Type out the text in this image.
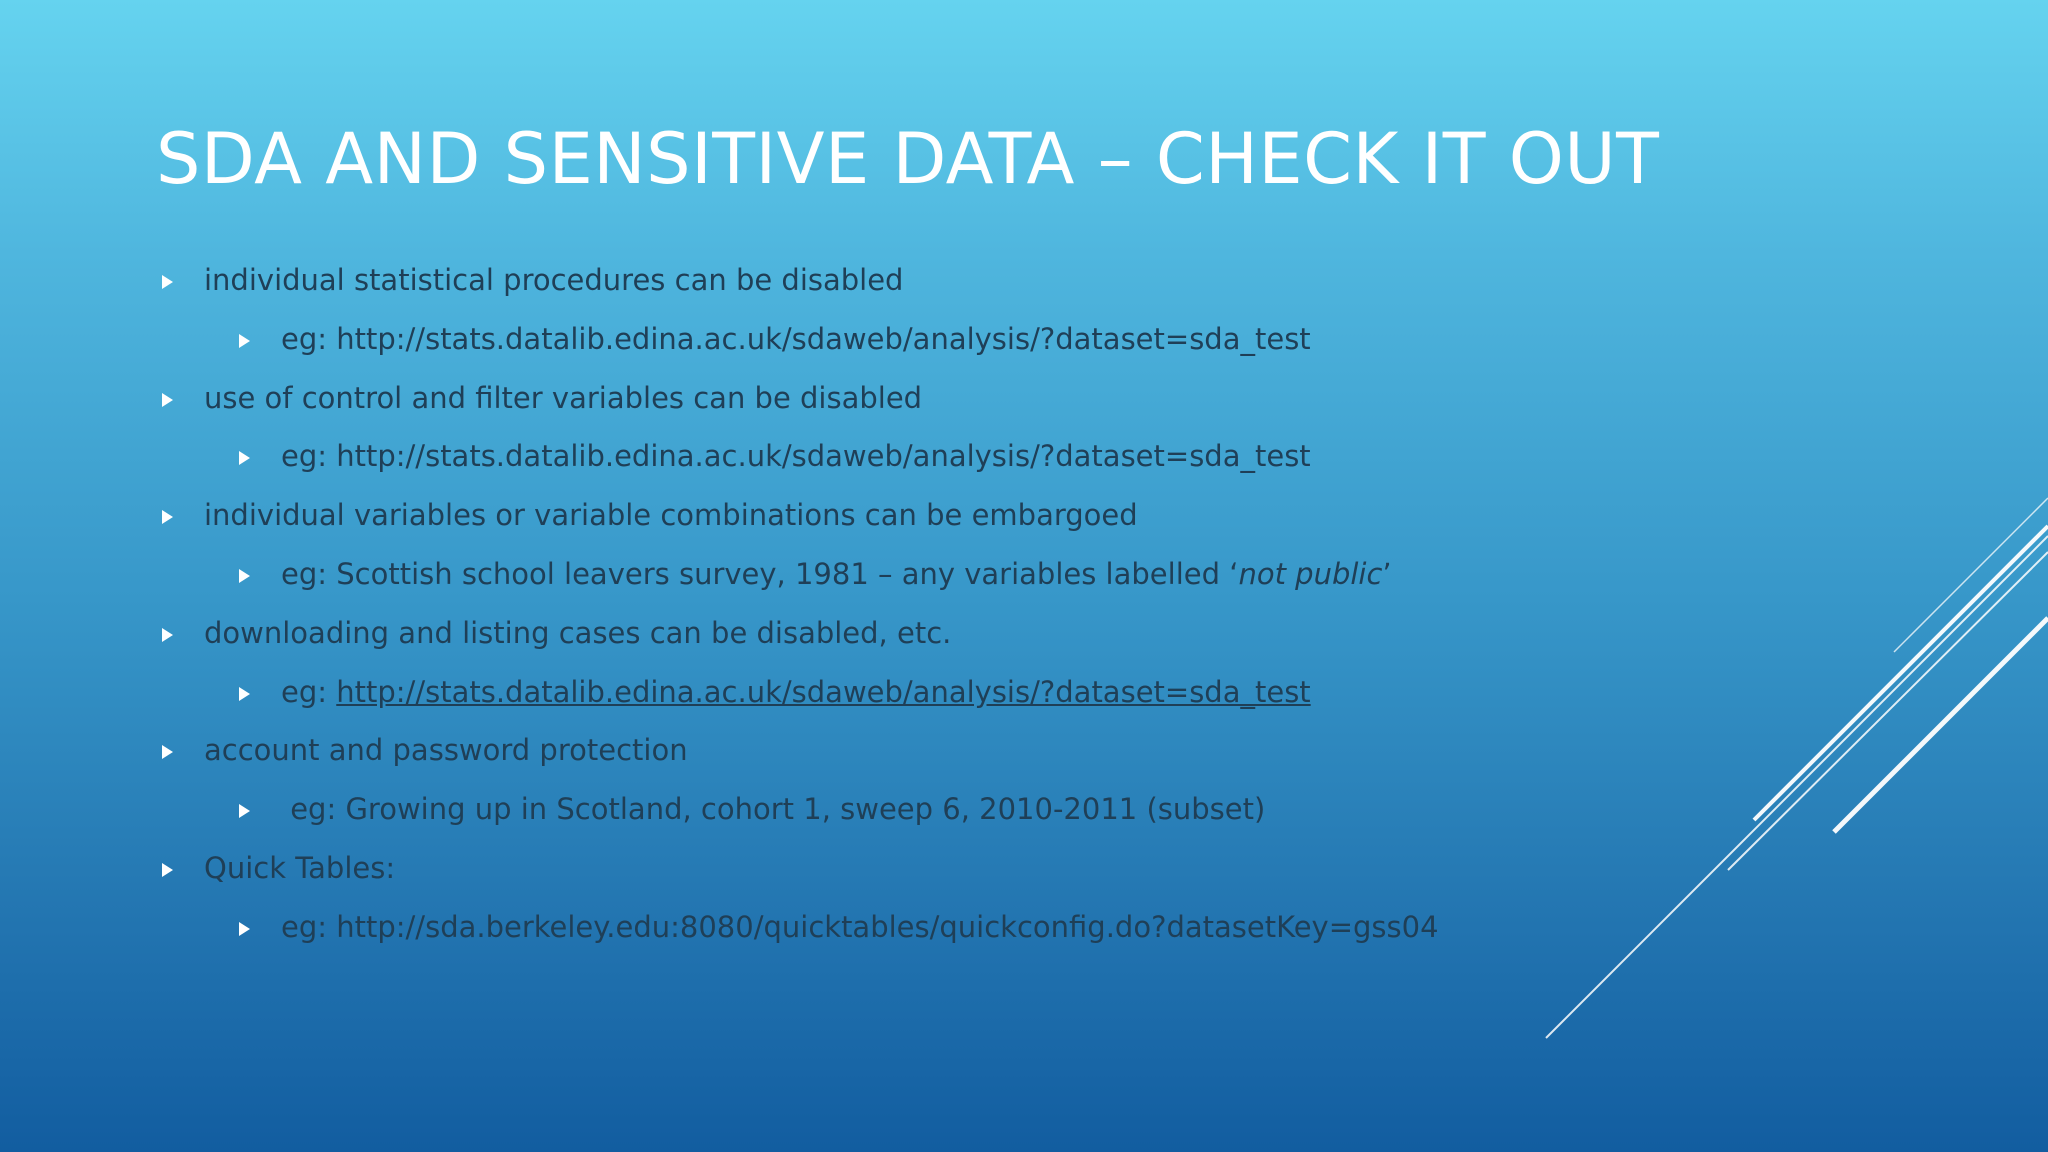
SDA AND SENSITIVE DATA – CHECK IT OUT
individual statistical procedures can be disabled
eg: http://stats.datalib.edina.ac.uk/sdaweb/analysis/?dataset=sda_test
use of control and filter variables can be disabled
eg: http://stats.datalib.edina.ac.uk/sdaweb/analysis/?dataset=sda_test
individual variables or variable combinations can be embargoed
eg: Scottish school leavers survey, 1981 – any variables labelled ‘not public’
downloading and listing cases can be disabled, etc.
eg: http://stats.datalib.edina.ac.uk/sdaweb/analysis/?dataset=sda_test
account and password protection
eg: Growing up in Scotland, cohort 1, sweep 6, 2010-2011 (subset)
Quick Tables:
eg: http://sda.berkeley.edu:8080/quicktables/quickconfig.do?datasetKey=gss04
